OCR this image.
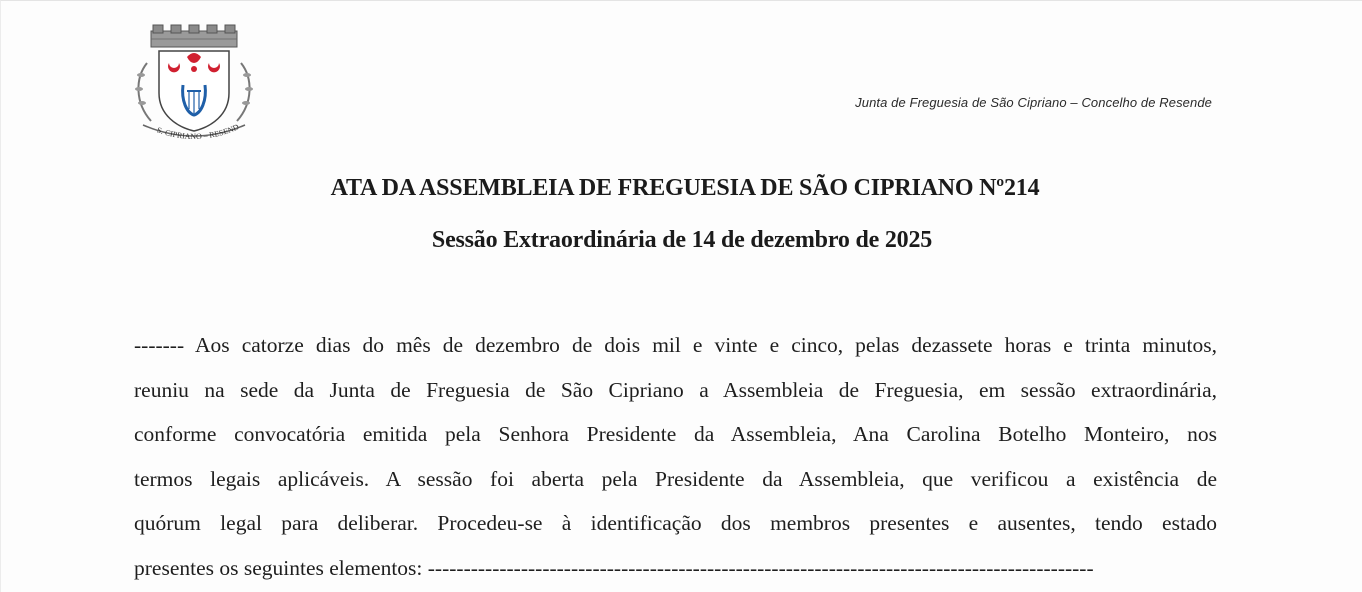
S. CIPRIANO – RESEND
Junta de Freguesia de São Cipriano – Concelho de Resende
ATA DA ASSEMBLEIA DE FREGUESIA DE SÃO CIPRIANO Nº214
Sessão Extraordinária de 14 de dezembro de 2025
------- Aos catorze dias do mês de dezembro de dois mil e vinte e cinco, pelas dezassete horas e trinta minutos,
reuniu na sede da Junta de Freguesia de São Cipriano a Assembleia de Freguesia, em sessão extraordinária,
conforme convocatória emitida pela Senhora Presidente da Assembleia, Ana Carolina Botelho Monteiro, nos
termos legais aplicáveis. A sessão foi aberta pela Presidente da Assembleia, que verificou a existência de
quórum legal para deliberar. Procedeu-se à identificação dos membros presentes e ausentes, tendo estado
presentes os seguintes elementos: ---------------------------------------------------------------------------------------------
